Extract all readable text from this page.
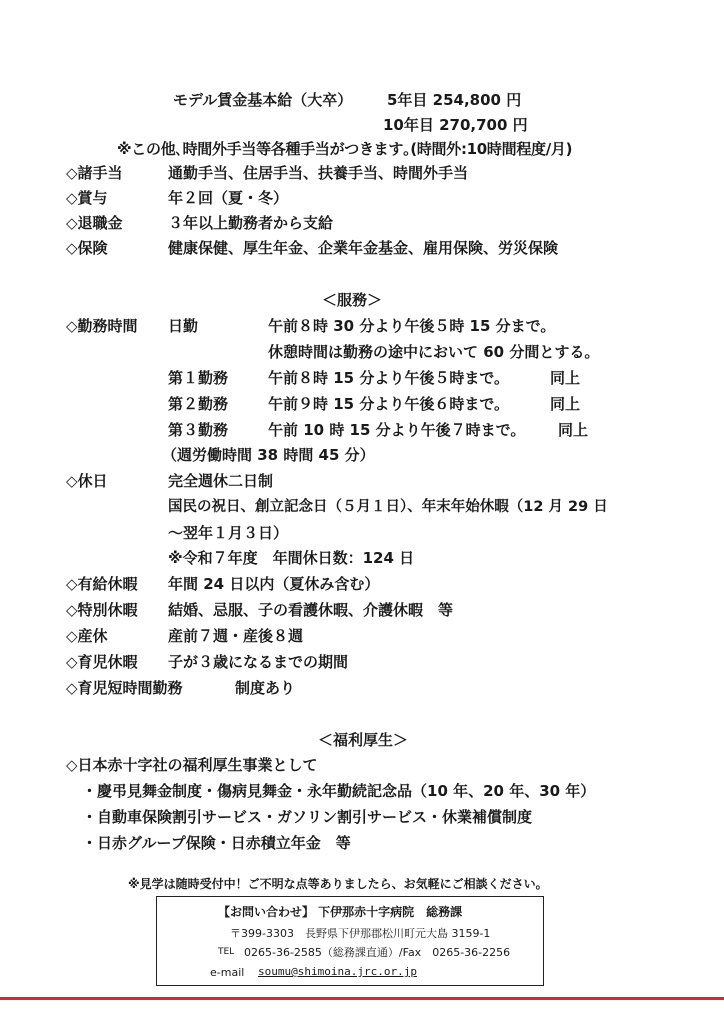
モデル賃金基本給（大卒） 5年目 254,800 円
10年目 270,700 円
※この他､時間外手当等各種手当がつきます｡(時間外:10時間程度/月)
◇諸手当	通勤手当、住居手当、扶養手当、時間外手当
◇賞与	年２回（夏・冬）
◇退職金	３年以上勤務者から支給
◇保険	健康保健、厚生年金、企業年金基金、雇用保険、労災保険
＜服務＞
◇勤務時間 日勤	午前８時 30 分より午後５時 15 分まで。
休憩時間は勤務の途中において 60 分間とする。
第１勤務	午前８時 15 分より午後５時まで。	同上
第２勤務	午前９時 15 分より午後６時まで。	同上
第３勤務	午前 10 時 15 分より午後７時まで。 同上
（週労働時間 38 時間 45 分）
◇休日	完全週休二日制
国民の祝日、創立記念日（５月１日）、年末年始休暇（12 月 29 日
～翌年１月３日）
※令和７年度　年間休日数：124 日
◇有給休暇 年間 24 日以内（夏休み含む）
◇特別休暇 結婚、忌服、子の看護休暇、介護休暇　等
◇産休	産前７週・産後８週
◇育児休暇 子が３歳になるまでの期間
◇育児短時間勤務	制度あり
＜福利厚生＞
◇日本赤十字社の福利厚生事業として
・慶弔見舞金制度・傷病見舞金・永年勤続記念品（10 年、20 年、30 年）
・自動車保険割引サービス・ガソリン割引サービス・休業補償制度
・日赤グループ保険・日赤積立年金　等
※見学は随時受付中！ご不明な点等ありましたら、お気軽にご相談ください。
【お問い合わせ】 下伊那赤十字病院　総務課
〒399-3303　長野県下伊那郡松川町元大島 3159-1
TEL 0265-36-2585（総務課直通）/Fax　0265-36-2256
e-mail soumu@shimoina.jrc.or.jp
